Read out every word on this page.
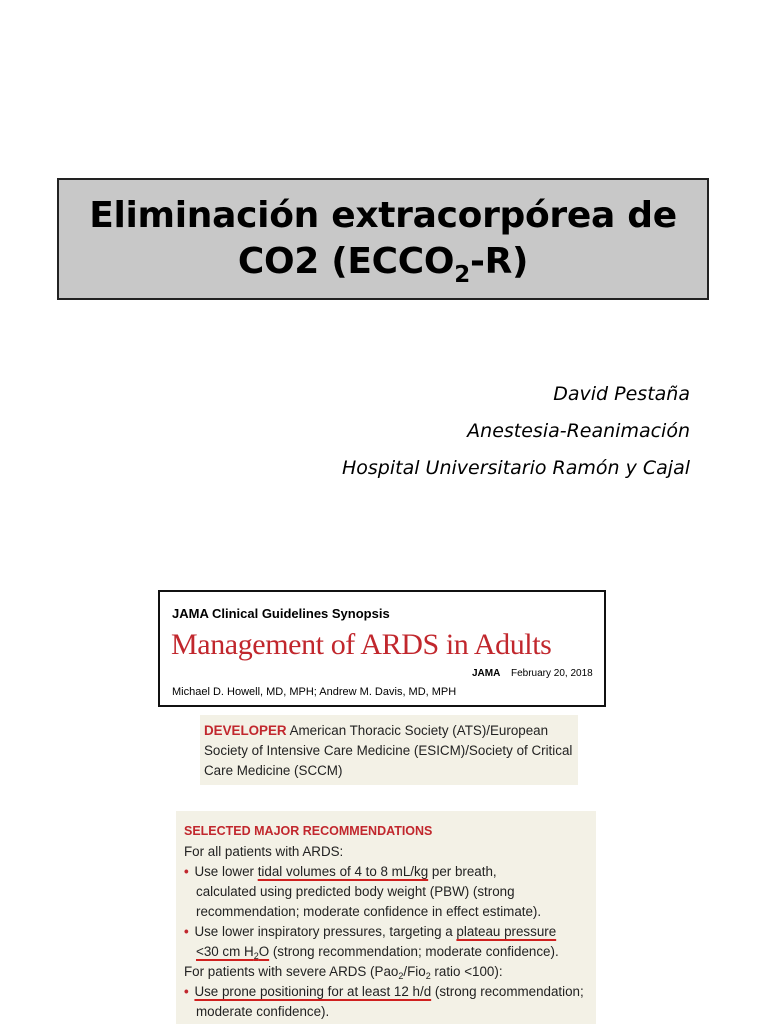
Eliminación extracorpórea de
CO2 $(ECCO_2-R)$
David Pestaña
Anestesia-Reanimación
Hospital Universitario Ramón y Cajal
JAMA Clinical Guidelines Synopsis
Management of ARDS in Adults
JAMA February 20, 2018
Michael D. Howell, MD, MPH; Andrew M. Davis, MD, MPH
DEVELOPER American Thoracic Society (ATS)/European
Society of Intensive Care Medicine (ESICM)/Society of Critical
Care Medicine (SCCM)
SELECTED MAJOR RECOMMENDATIONS
For all patients with ARDS:
• Use lower tidal volumes of 4 to 8 mL/kg per breath,
calculated using predicted body weight (PBW) (strong
recommendation; moderate confidence in effect estimate).
• Use lower inspiratory pressures, targeting a plateau pressure
<30 cm $H_2O$ (strong recommendation; moderate confidence).
For patients with severe ARDS (Pao$_2$/Fio$_2$ ratio <100):
• Use prone positioning for at least 12 h/d (strong recommendation;
moderate confidence).
